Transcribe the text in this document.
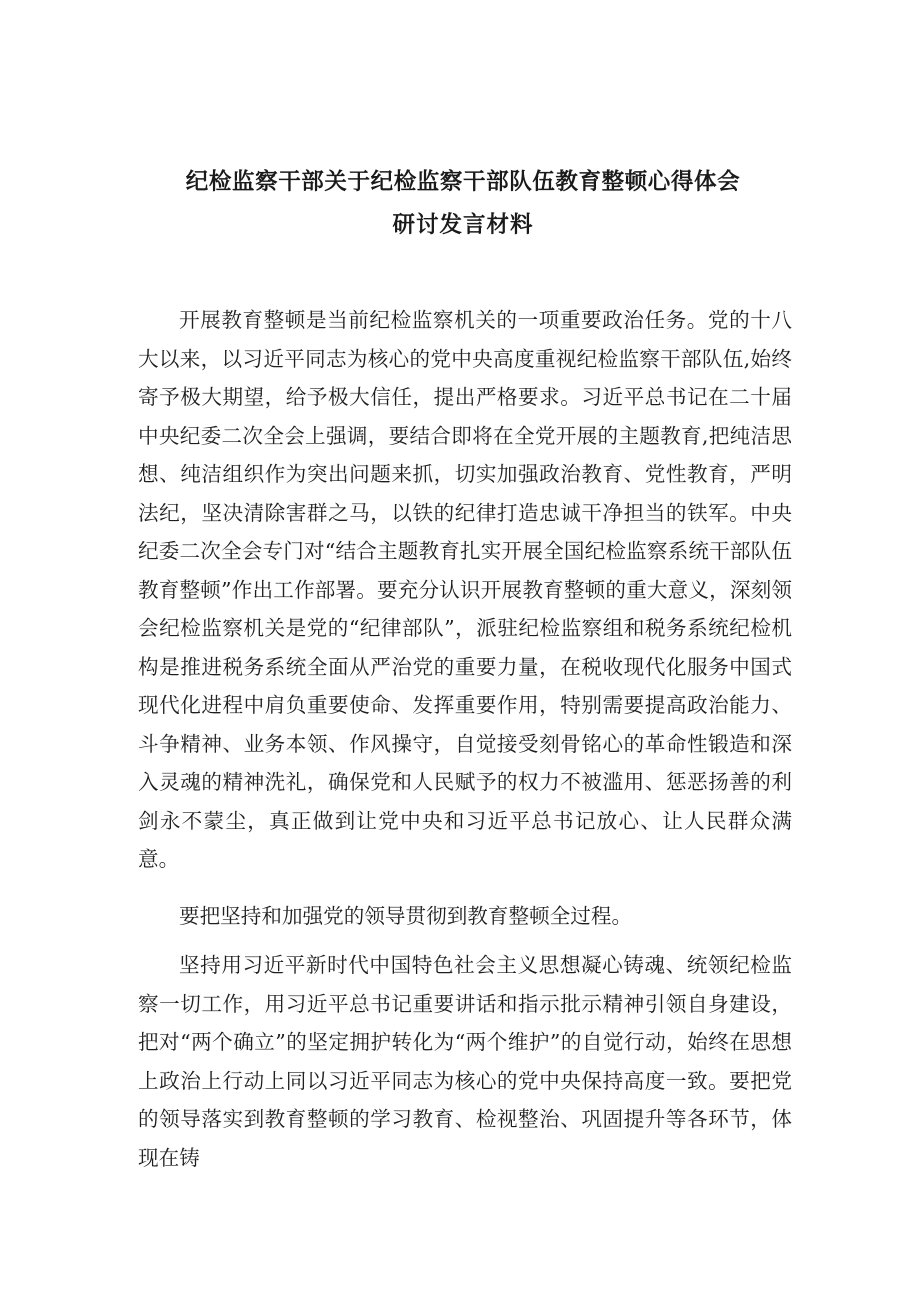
纪检监察干部关于纪检监察干部队伍教育整顿心得体会
研讨发言材料

开展教育整顿是当前纪检监察机关的一项重要政治任务。党的十八大以来，以习近平同志为核心的党中央高度重视纪检监察干部队伍,始终寄予极大期望，给予极大信任，提出严格要求。习近平总书记在二十届中央纪委二次全会上强调，要结合即将在全党开展的主题教育,把纯洁思想、纯洁组织作为突出问题来抓，切实加强政治教育、党性教育，严明法纪，坚决清除害群之马，以铁的纪律打造忠诚干净担当的铁军。中央纪委二次全会专门对“结合主题教育扎实开展全国纪检监察系统干部队伍教育整顿”作出工作部署。要充分认识开展教育整顿的重大意义，深刻领会纪检监察机关是党的“纪律部队”，派驻纪检监察组和税务系统纪检机构是推进税务系统全面从严治党的重要力量，在税收现代化服务中国式现代化进程中肩负重要使命、发挥重要作用，特别需要提高政治能力、斗争精神、业务本领、作风操守，自觉接受刻骨铭心的革命性锻造和深入灵魂的精神洗礼，确保党和人民赋予的权力不被滥用、惩恶扬善的利剑永不蒙尘，真正做到让党中央和习近平总书记放心、让人民群众满意。

要把坚持和加强党的领导贯彻到教育整顿全过程。

坚持用习近平新时代中国特色社会主义思想凝心铸魂、统领纪检监察一切工作，用习近平总书记重要讲话和指示批示精神引领自身建设，把对“两个确立”的坚定拥护转化为“两个维护”的自觉行动，始终在思想上政治上行动上同以习近平同志为核心的党中央保持高度一致。要把党的领导落实到教育整顿的学习教育、检视整治、巩固提升等各环节，体现在铸
